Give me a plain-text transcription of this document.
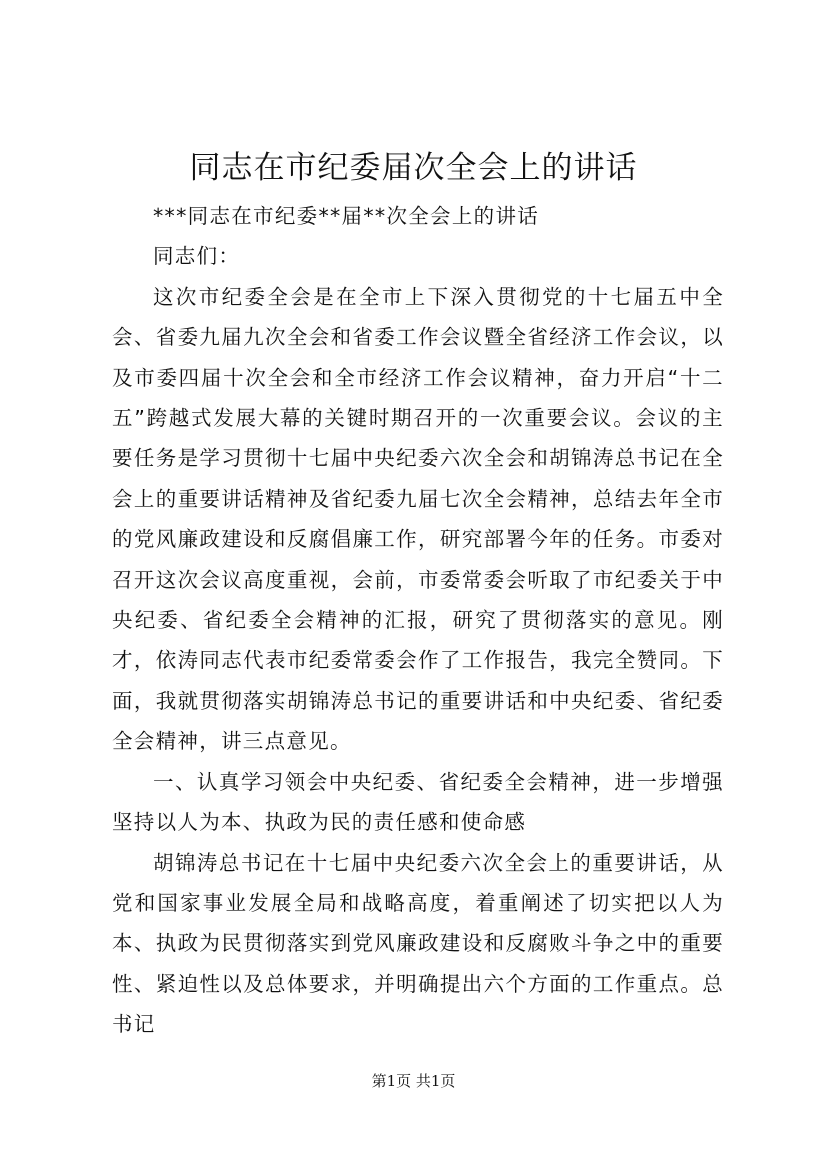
同志在市纪委届次全会上的讲话

***同志在市纪委**届**次全会上的讲话

同志们：

这次市纪委全会是在全市上下深入贯彻党的十七届五中全会、省委九届九次全会和省委工作会议暨全省经济工作会议，以及市委四届十次全会和全市经济工作会议精神，奋力开启“十二五”跨越式发展大幕的关键时期召开的一次重要会议。会议的主要任务是学习贯彻十七届中央纪委六次全会和胡锦涛总书记在全会上的重要讲话精神及省纪委九届七次全会精神，总结去年全市的党风廉政建设和反腐倡廉工作，研究部署今年的任务。市委对召开这次会议高度重视，会前，市委常委会听取了市纪委关于中央纪委、省纪委全会精神的汇报，研究了贯彻落实的意见。刚才，依涛同志代表市纪委常委会作了工作报告，我完全赞同。下面，我就贯彻落实胡锦涛总书记的重要讲话和中央纪委、省纪委全会精神，讲三点意见。

一、认真学习领会中央纪委、省纪委全会精神，进一步增强坚持以人为本、执政为民的责任感和使命感

胡锦涛总书记在十七届中央纪委六次全会上的重要讲话，从党和国家事业发展全局和战略高度，着重阐述了切实把以人为本、执政为民贯彻落实到党风廉政建设和反腐败斗争之中的重要性、紧迫性以及总体要求，并明确提出六个方面的工作重点。总书记

第1页 共1页
